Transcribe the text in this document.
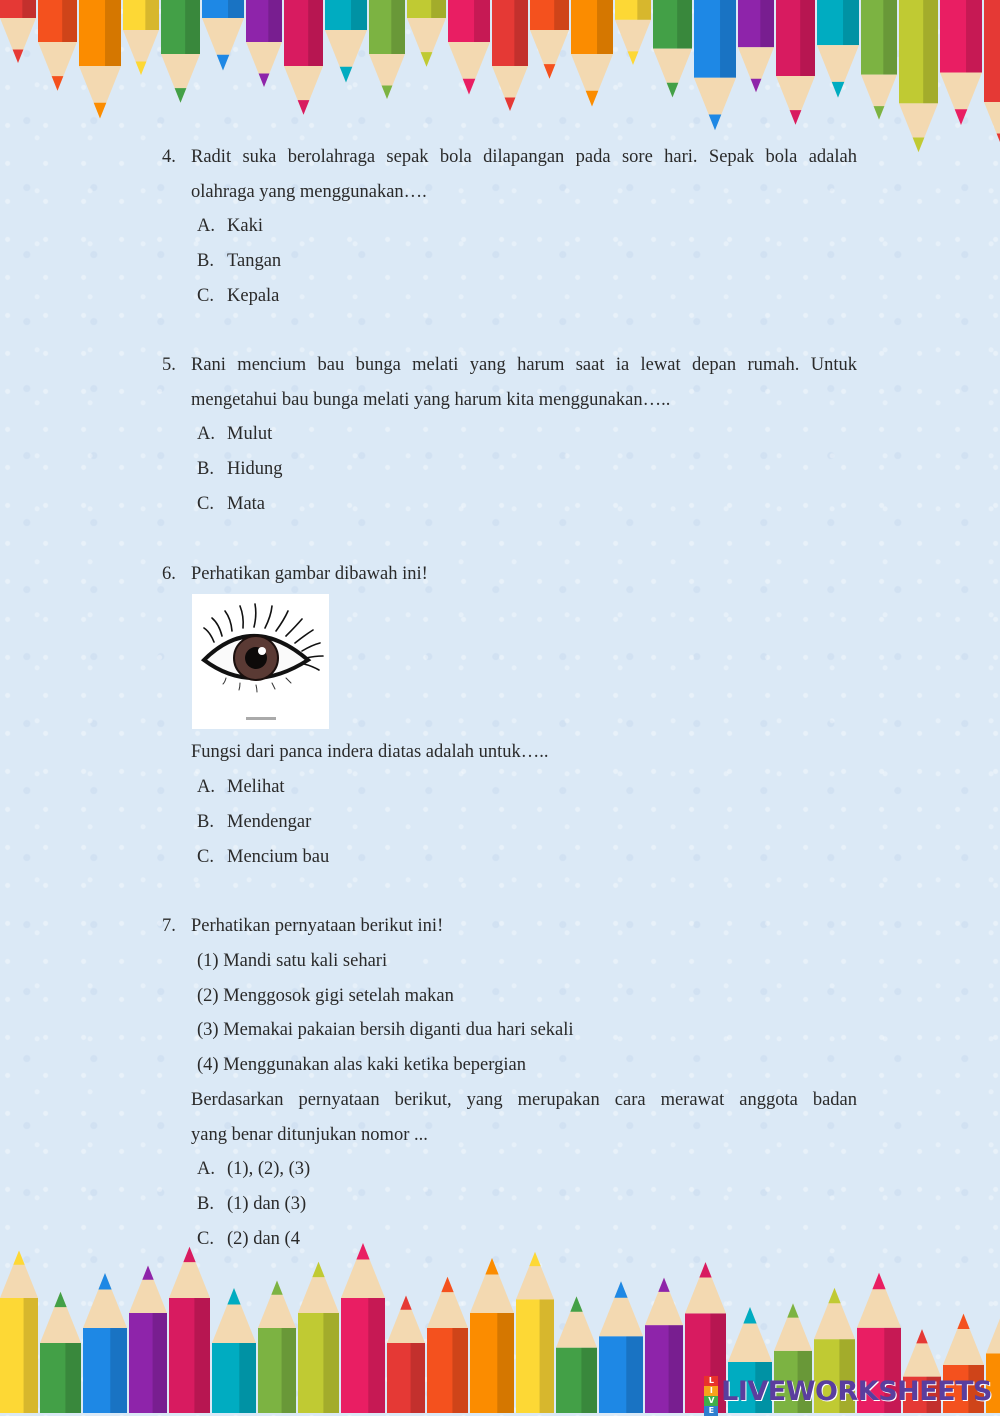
4. Radit suka berolahraga sepak bola dilapangan pada sore hari. Sepak bola adalah
olahraga yang menggunakan….
A. Kaki
B. Tangan
C. Kepala
5. Rani mencium bau bunga melati yang harum saat ia lewat depan rumah. Untuk
mengetahui bau bunga melati yang harum kita menggunakan…..
A. Mulut
B. Hidung
C. Mata
6. Perhatikan gambar dibawah ini!
Fungsi dari panca indera diatas adalah untuk…..
A. Melihat
B. Mendengar
C. Mencium bau
7. Perhatikan pernyataan berikut ini!
(1) Mandi satu kali sehari
(2) Menggosok gigi setelah makan
(3) Memakai pakaian bersih diganti dua hari sekali
(4) Menggunakan alas kaki ketika bepergian
Berdasarkan pernyataan berikut, yang merupakan cara merawat anggota badan
yang benar ditunjukan nomor ...
A. (1), (2), (3)
B. (1) dan (3)
C. (2) dan (4
L
I
V
E
LIVEWORKSHEETS
